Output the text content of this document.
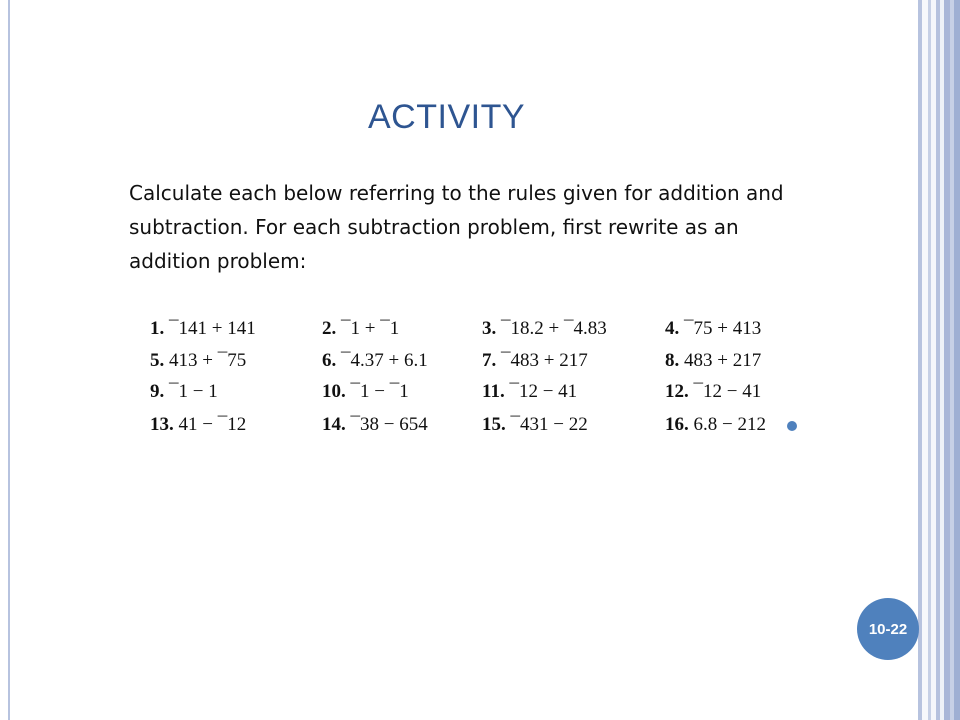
ACTIVITY

Calculate each below referring to the rules given for addition and subtraction. For each subtraction problem, first rewrite as an addition problem:

1. ¯141 + 141	2. ¯1 + ¯1	3. ¯18.2 + ¯4.83	4. ¯75 + 413
5. 413 + ¯75	6. ¯4.37 + 6.1	7. ¯483 + 217	8. 483 + 217
9. ¯1 − 1	10. ¯1 − ¯1	11. ¯12 − 41	12. ¯12 − 41
13. 41 − ¯12	14. ¯38 − 654	15. ¯431 − 22	16. 6.8 − 212
10-22
